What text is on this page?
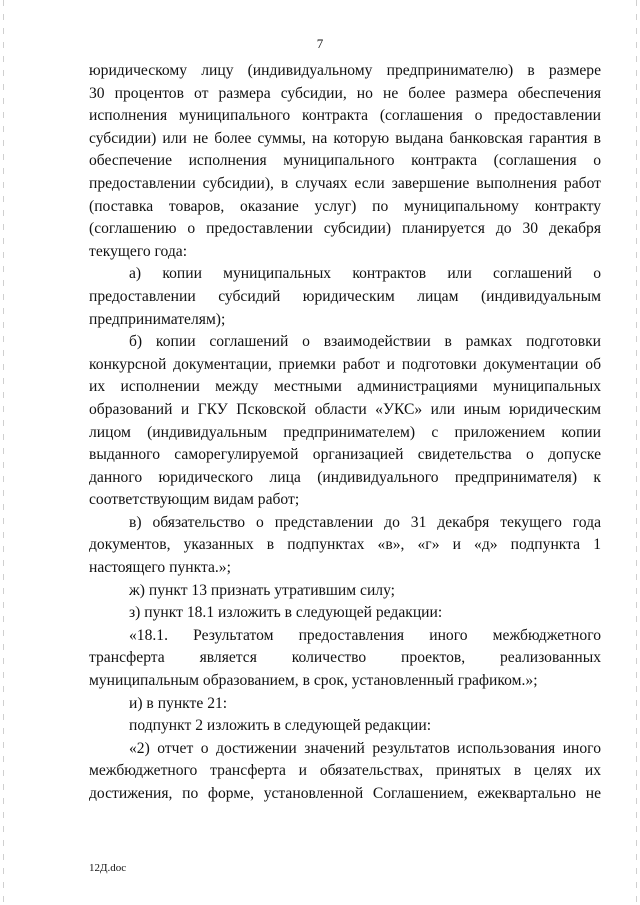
7

юридическому лицу (индивидуальному предпринимателю) в размере

30 процентов от размера субсидии, но не более размера обеспечения

исполнения муниципального контракта (соглашения о предоставлении

субсидии) или не более суммы, на которую выдана банковская гарантия в

обеспечение исполнения муниципального контракта (соглашения о

предоставлении субсидии), в случаях если завершение выполнения работ

(поставка товаров, оказание услуг) по муниципальному контракту

(соглашению о предоставлении субсидии) планируется до 30 декабря

текущего года:

а) копии муниципальных контрактов или соглашений о

предоставлении субсидий юридическим лицам (индивидуальным

предпринимателям);

б) копии соглашений о взаимодействии в рамках подготовки

конкурсной документации, приемки работ и подготовки документации об

их исполнении между местными администрациями муниципальных

образований и ГКУ Псковской области «УКС» или иным юридическим

лицом (индивидуальным предпринимателем) с приложением копии

выданного саморегулируемой организацией свидетельства о допуске

данного юридического лица (индивидуального предпринимателя) к

соответствующим видам работ;

в) обязательство о представлении до 31 декабря текущего года

документов, указанных в подпунктах «в», «г» и «д» подпункта 1

настоящего пункта.»;

ж) пункт 13 признать утратившим силу;

з) пункт 18.1 изложить в следующей редакции:

«18.1. Результатом предоставления иного межбюджетного

трансферта является количество проектов, реализованных

муниципальным образованием, в срок, установленный графиком.»;

и) в пункте 21:

подпункт 2 изложить в следующей редакции:

«2) отчет о достижении значений результатов использования иного

межбюджетного трансферта и обязательствах, принятых в целях их

достижения, по форме, установленной Соглашением, ежеквартально не

12Д.doc
